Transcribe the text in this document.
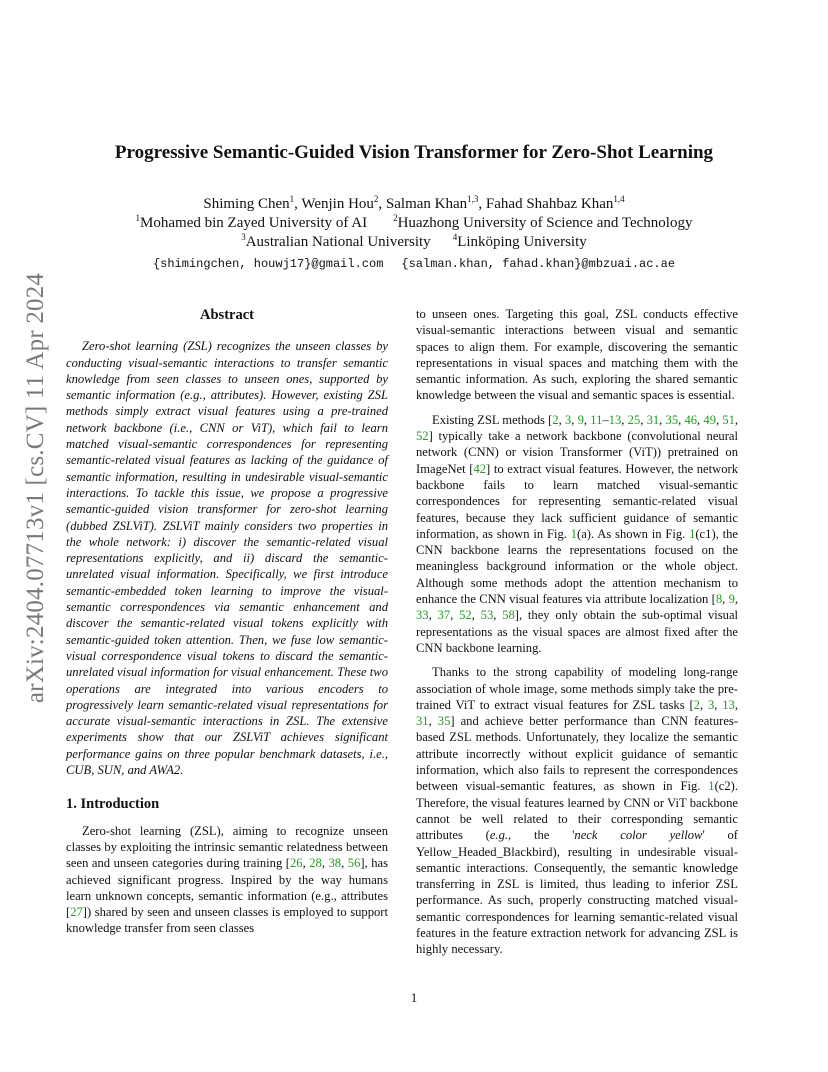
arXiv:2404.07713v1 [cs.CV] 11 Apr 2024
Progressive Semantic-Guided Vision Transformer for Zero-Shot Learning
Shiming Chen$^1$, Wenjin Hou$^2$, Salman Khan$^{1,3}$, Fahad Shahbaz Khan$^{1,4}$
$^1$Mohamed bin Zayed University of AI	$^2$Huazhong University of Science and Technology
$^3$Australian National University $^4$Linköping University
{shimingchen, houwj17}@gmail.com {salman.khan, fahad.khan}@mbzuai.ac.ae
Abstract

Zero-shot learning (ZSL) recognizes the unseen classes by conducting visual-semantic interactions to transfer semantic knowledge from seen classes to unseen ones, supported by semantic information (e.g., attributes). However, existing ZSL methods simply extract visual features using a pre-trained network backbone (i.e., CNN or ViT), which fail to learn matched visual-semantic correspondences for representing semantic-related visual features as lacking of the guidance of semantic information, resulting in undesirable visual-semantic interactions. To tackle this issue, we propose a progressive semantic-guided vision transformer for zero-shot learning (dubbed ZSLViT). ZSLViT mainly considers two properties in the whole network: i) discover the semantic-related visual representations explicitly, and ii) discard the semantic-unrelated visual information. Specifically, we first introduce semantic-embedded token learning to improve the visual-semantic correspondences via semantic enhancement and discover the semantic-related visual tokens explicitly with semantic-guided token attention. Then, we fuse low semantic-visual correspondence visual tokens to discard the semantic-unrelated visual information for visual enhancement. These two operations are integrated into various encoders to progressively learn semantic-related visual representations for accurate visual-semantic interactions in ZSL. The extensive experiments show that our ZSLViT achieves significant performance gains on three popular benchmark datasets, i.e., CUB, SUN, and AWA2.

1. Introduction

Zero-shot learning (ZSL), aiming to recognize unseen classes by exploiting the intrinsic semantic relatedness between seen and unseen categories during training [26, 28, 38, 56], has achieved significant progress. Inspired by the way humans learn unknown concepts, semantic information (e.g., attributes [27]) shared by seen and unseen classes is employed to support knowledge transfer from seen classes

to unseen ones. Targeting this goal, ZSL conducts effective visual-semantic interactions between visual and semantic spaces to align them. For example, discovering the semantic representations in visual spaces and matching them with the semantic information. As such, exploring the shared semantic knowledge between the visual and semantic spaces is essential.

Existing ZSL methods [2, 3, 9, 11–13, 25, 31, 35, 46, 49, 51, 52] typically take a network backbone (convolutional neural network (CNN) or vision Transformer (ViT)) pretrained on ImageNet [42] to extract visual features. However, the network backbone fails to learn matched visual-semantic correspondences for representing semantic-related visual features, because they lack sufficient guidance of semantic information, as shown in Fig. 1(a). As shown in Fig. 1(c1), the CNN backbone learns the representations focused on the meaningless background information or the whole object. Although some methods adopt the attention mechanism to enhance the CNN visual features via attribute localization [8, 9, 33, 37, 52, 53, 58], they only obtain the sub-optimal visual representations as the visual spaces are almost fixed after the CNN backbone learning.

Thanks to the strong capability of modeling long-range association of whole image, some methods simply take the pre-trained ViT to extract visual features for ZSL tasks [2, 3, 13, 31, 35] and achieve better performance than CNN features-based ZSL methods. Unfortunately, they localize the semantic attribute incorrectly without explicit guidance of semantic information, which also fails to represent the correspondences between visual-semantic features, as shown in Fig. 1(c2). Therefore, the visual features learned by CNN or ViT backbone cannot be well related to their corresponding semantic attributes (e.g., the 'neck color yellow' of Yellow_Headed_Blackbird), resulting in undesirable visual-semantic interactions. Consequently, the semantic knowledge transferring in ZSL is limited, thus leading to inferior ZSL performance. As such, properly constructing matched visual-semantic correspondences for learning semantic-related visual features in the feature extraction network for advancing ZSL is highly necessary.

1
